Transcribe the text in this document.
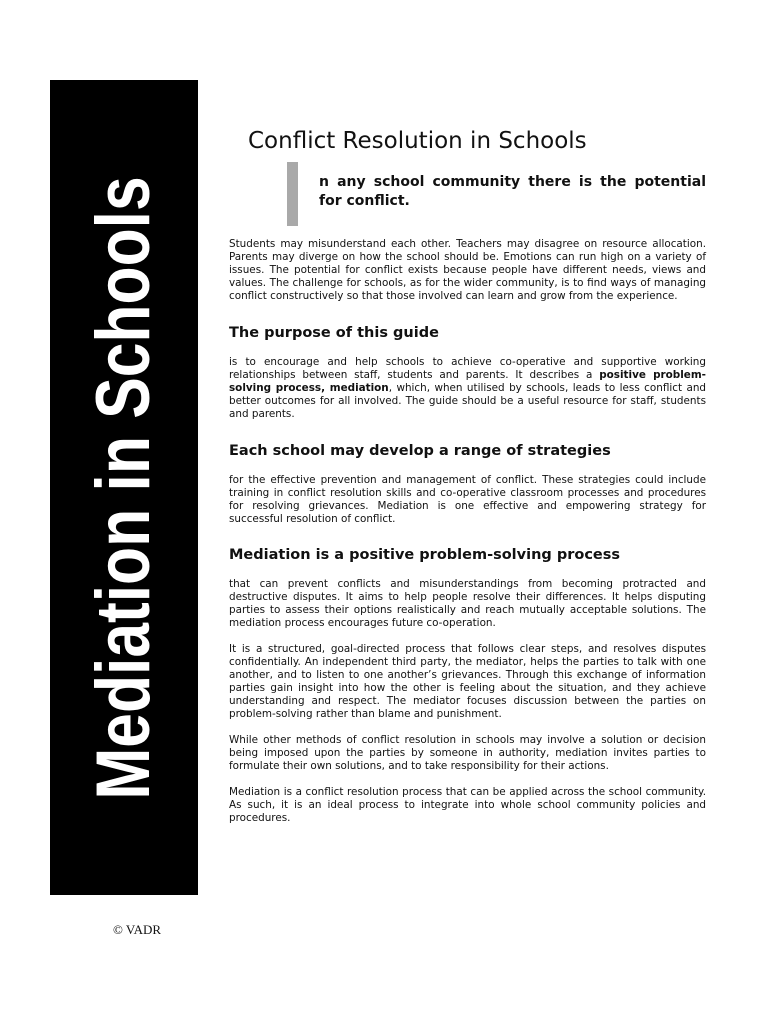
Mediation in Schools
© VADR
Conflict Resolution in Schools

n any school community there is the potential for conflict.

Students may misunderstand each other. Teachers may disagree on resource allocation. Parents may diverge on how the school should be. Emotions can run high on a variety of issues. The potential for conflict exists because people have different needs, views and values. The challenge for schools, as for the wider community, is to find ways of managing conflict constructively so that those involved can learn and grow from the experience.

The purpose of this guide

is to encourage and help schools to achieve co-operative and supportive working relationships between staff, students and parents. It describes a positive problem-solving process, mediation, which, when utilised by schools, leads to less conflict and better outcomes for all involved. The guide should be a useful resource for staff, students and parents.

Each school may develop a range of strategies

for the effective prevention and management of conflict. These strategies could include training in conflict resolution skills and co-operative classroom processes and procedures for resolving grievances. Mediation is one effective and empowering strategy for successful resolution of conflict.

Mediation is a positive problem-solving process

that can prevent conflicts and misunderstandings from becoming protracted and destructive disputes. It aims to help people resolve their differences. It helps disputing parties to assess their options realistically and reach mutually acceptable solutions. The mediation process encourages future co-operation.

It is a structured, goal-directed process that follows clear steps, and resolves disputes confidentially. An independent third party, the mediator, helps the parties to talk with one another, and to listen to one another’s grievances. Through this exchange of information parties gain insight into how the other is feeling about the situation, and they achieve understanding and respect. The mediator focuses discussion between the parties on problem-solving rather than blame and punishment.

While other methods of conflict resolution in schools may involve a solution or decision being imposed upon the parties by someone in authority, mediation invites parties to formulate their own solutions, and to take responsibility for their actions.

Mediation is a conflict resolution process that can be applied across the school community. As such, it is an ideal process to integrate into whole school community policies and procedures.
